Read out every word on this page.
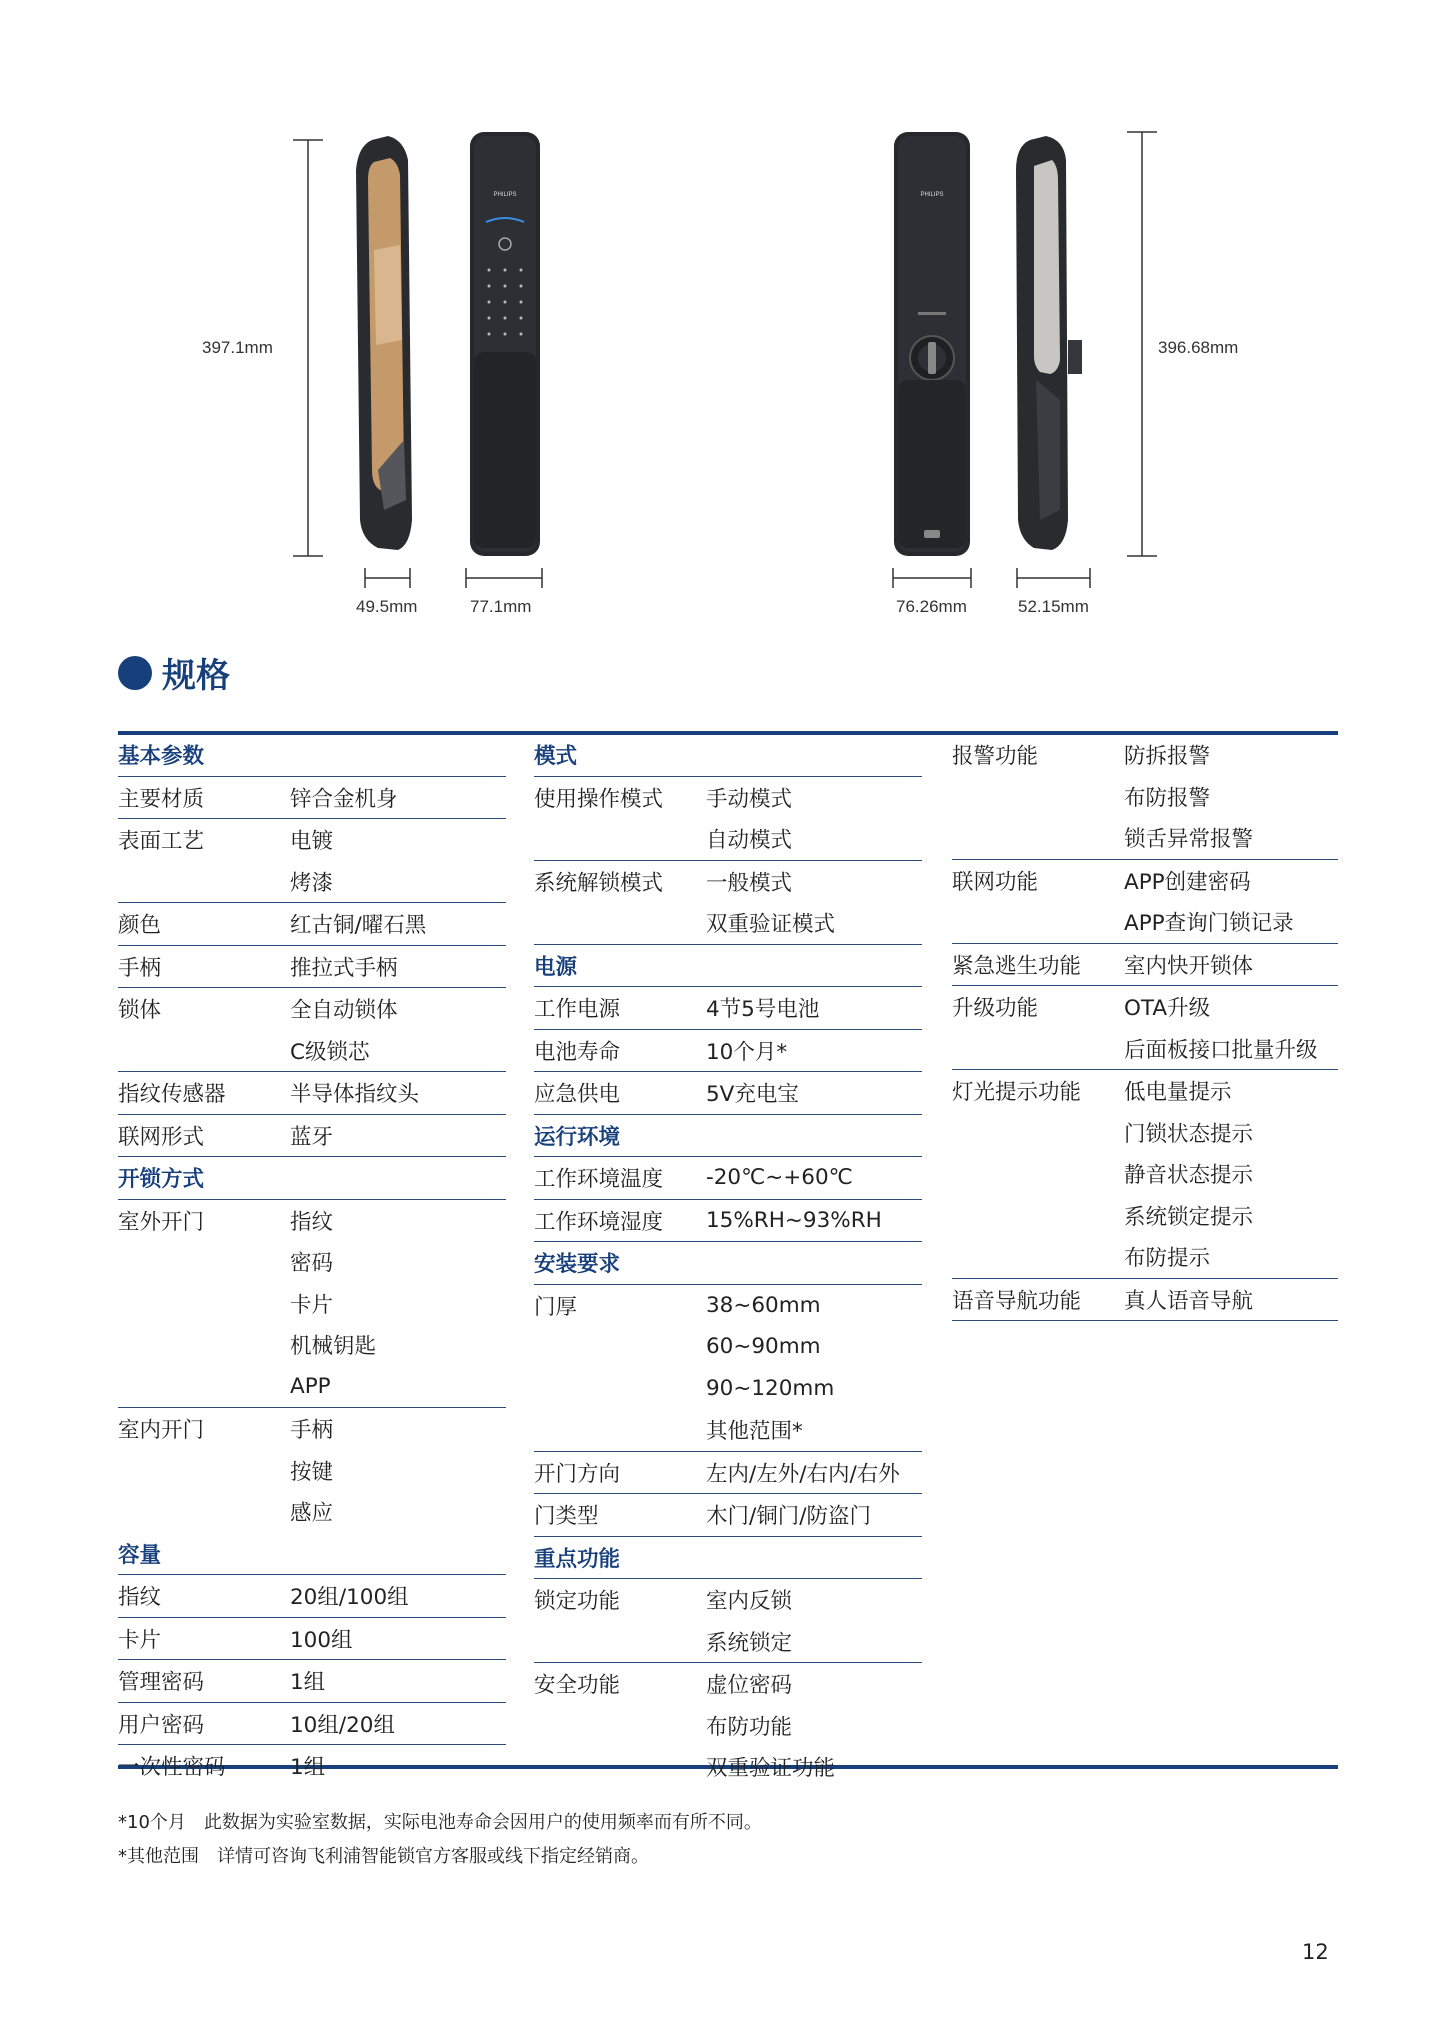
PHILIPS	PHILIPS
397.1mm	396.68mm
49.5mm	77.1mm	76.26mm	52.15mm
规格
基本参数
主要材质	锌合金机身
表面工艺	电镀
烤漆
颜色	红古铜/曜石黑
手柄	推拉式手柄
锁体	全自动锁体
C级锁芯
指纹传感器	半导体指纹头
联网形式	蓝牙
开锁方式
室外开门	指纹
密码
卡片
机械钥匙
APP
室内开门	手柄
按键
感应
容量
指纹	20组/100组
卡片	100组
管理密码	1组
用户密码	10组/20组
一次性密码	1组
模式
使用操作模式	手动模式
自动模式
系统解锁模式	一般模式
双重验证模式
电源
工作电源	4节5号电池
电池寿命	10个月*
应急供电	5V充电宝
运行环境
工作环境温度	-20℃~+60℃
工作环境湿度	15%RH~93%RH
安装要求
门厚	38~60mm
60~90mm
90~120mm
其他范围*
开门方向	左内/左外/右内/右外
门类型	木门/铜门/防盗门
重点功能
锁定功能	室内反锁
系统锁定
安全功能	虚位密码
布防功能
双重验证功能
报警功能	防拆报警
布防报警
锁舌异常报警
联网功能	APP创建密码
APP查询门锁记录
紧急逃生功能	室内快开锁体
升级功能	OTA升级
后面板接口批量升级
灯光提示功能	低电量提示
门锁状态提示
静音状态提示
系统锁定提示
布防提示
语音导航功能	真人语音导航
*10个月　此数据为实验室数据，实际电池寿命会因用户的使用频率而有所不同。
*其他范围　详情可咨询飞利浦智能锁官方客服或线下指定经销商。
12
